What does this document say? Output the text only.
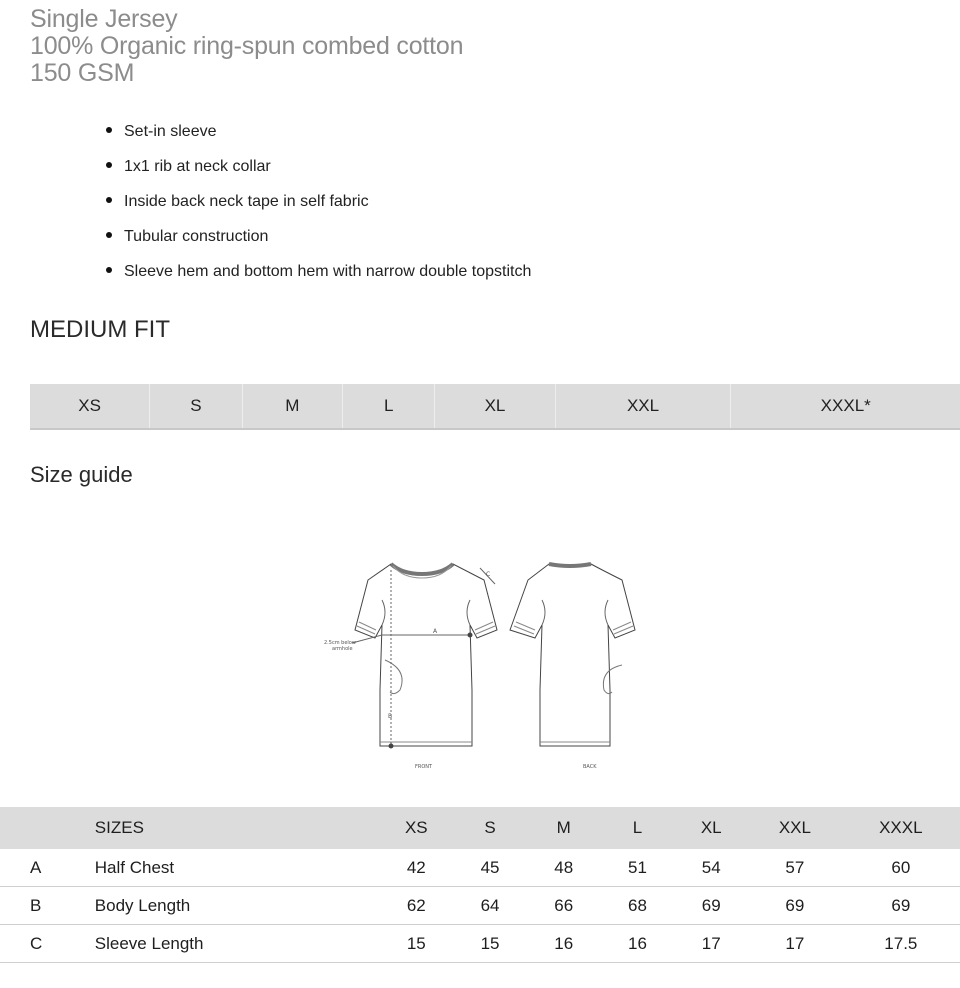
Single Jersey
100% Organic ring-spun combed cotton
150 GSM
Set-in sleeve
1x1 rib at neck collar
Inside back neck tape in self fabric
Tubular construction
Sleeve hem and bottom hem with narrow double topstitch
MEDIUM FIT
XS	S	M	L	XL	XXL	XXXL*
Size guide
A
B
C
2.5cm below
armhole
FRONT	BACK
	SIZES	XS	S	M	L	XL	XXL	XXXL
A	Half Chest	42	45	48	51	54	57	60
B	Body Length	62	64	66	68	69	69	69
C	Sleeve Length	15	15	16	16	17	17	17.5
